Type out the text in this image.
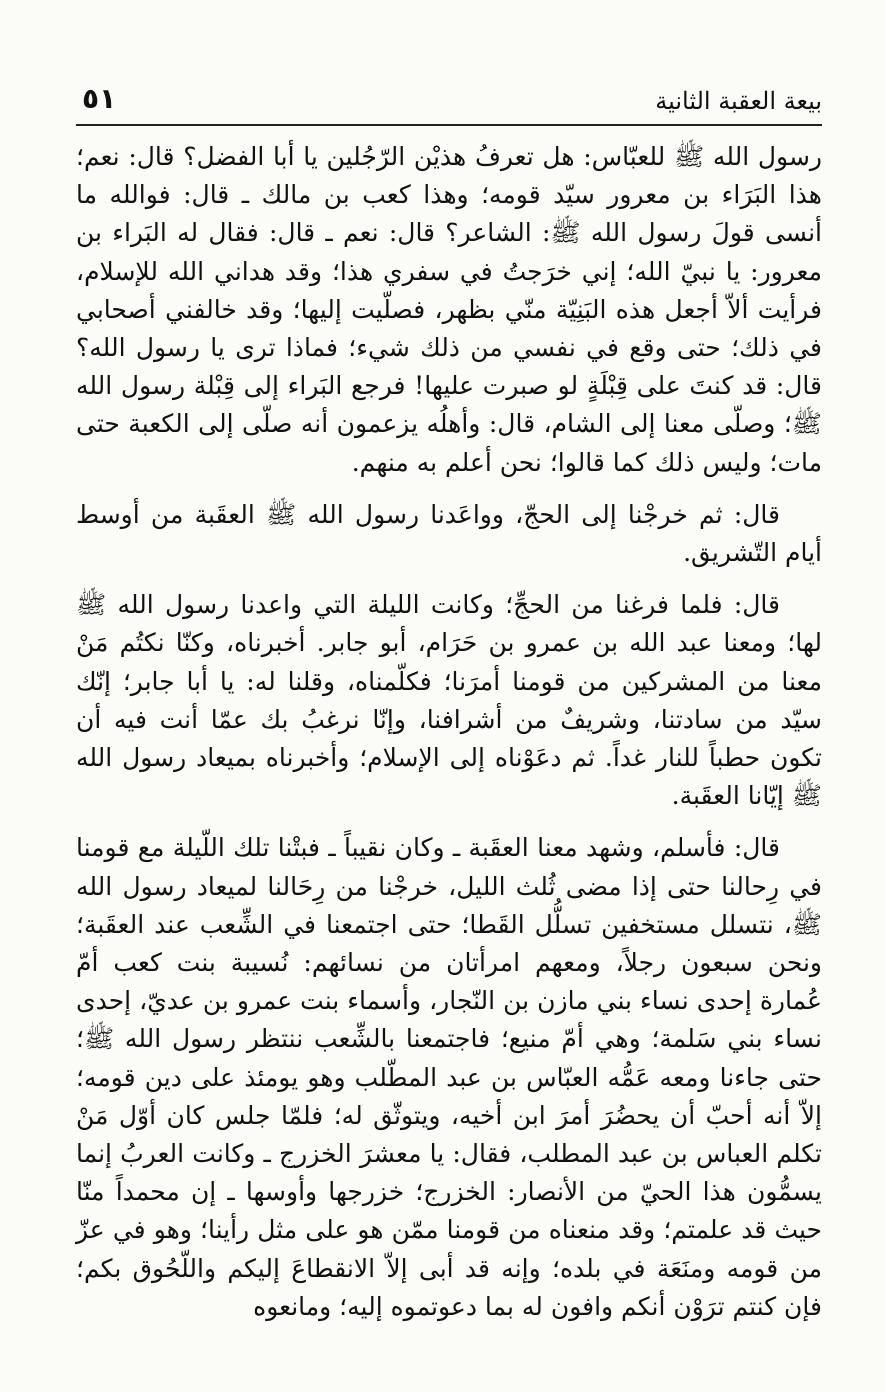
بيعة العقبة الثانية
٥١

رسول الله ﷺ للعبّاس: هل تعرفُ هذيْن الرّجُلين يا أبا الفضل؟ قال: نعم؛ هذا البَرَاء بن معرور سيّد قومه؛ وهذا كعب بن مالك ـ قال: فوالله ما أنسى قولَ رسول الله ﷺ: الشاعر؟ قال: نعم ـ قال: فقال له البَراء بن معرور: يا نبيّ الله؛ إني خرَجتُ في سفري هذا؛ وقد هداني الله للإسلام، فرأيت ألاّ أجعل هذه البَنِيّة منّي بظهر، فصلّيت إليها؛ وقد خالفني أصحابي في ذلك؛ حتى وقع في نفسي من ذلك شيء؛ فماذا ترى يا رسول الله؟ قال: قد كنتَ على قِبْلَةٍ لو صبرت عليها! فرجع البَراء إلى قِبْلة رسول الله ﷺ؛ وصلّى معنا إلى الشام، قال: وأهلُه يزعمون أنه صلّى إلى الكعبة حتى مات؛ وليس ذلك كما قالوا؛ نحن أعلم به منهم.

قال: ثم خرجْنا إلى الحجّ، وواعَدنا رسول الله ﷺ العقَبة من أوسط أيام التّشريق.

قال: فلما فرغنا من الحجِّ؛ وكانت الليلة التي واعدنا رسول الله ﷺ لها؛ ومعنا عبد الله بن عمرو بن حَرَام، أبو جابر. أخبرناه، وكنّا نكتُم مَنْ معنا من المشركين من قومنا أمرَنا؛ فكلّمناه، وقلنا له: يا أبا جابر؛ إنّك سيّد من سادتنا، وشريفٌ من أشرافنا، وإنّا نرغبُ بك عمّا أنت فيه أن تكون حطباً للنار غداً. ثم دعَوْناه إلى الإسلام؛ وأخبرناه بميعاد رسول الله ﷺ إيّانا العقَبة.

قال: فأسلم، وشهد معنا العقَبة ـ وكان نقيباً ـ فبتْنا تلك اللّيلة مع قومنا في رِحالنا حتى إذا مضى ثُلث الليل، خرجْنا من رِحَالنا لميعاد رسول الله ﷺ، نتسلل مستخفين تسلُّل القَطا؛ حتى اجتمعنا في الشِّعب عند العقَبة؛ ونحن سبعون رجلاً، ومعهم امرأتان من نسائهم: نُسيبة بنت كعب أمّ عُمارة إحدى نساء بني مازن بن النّجار، وأسماء بنت عمرو بن عديّ، إحدى نساء بني سَلمة؛ وهي أمّ منيع؛ فاجتمعنا بالشِّعب ننتظر رسول الله ﷺ؛ حتى جاءنا ومعه عَمُّه العبّاس بن عبد المطّلب وهو يومئذ على دين قومه؛ إلاّ أنه أحبّ أن يحضُرَ أمرَ ابن أخيه، ويتوثّق له؛ فلمّا جلس كان أوّل مَنْ تكلم العباس بن عبد المطلب، فقال: يا معشرَ الخزرج ـ وكانت العربُ إنما يسمُّون هذا الحيّ من الأنصار: الخزرج؛ خزرجها وأوسها ـ إن محمداً منّا حيث قد علمتم؛ وقد منعناه من قومنا ممّن هو على مثل رأينا؛ وهو في عزّ من قومه ومنَعَة في بلده؛ وإنه قد أبى إلاّ الانقطاعَ إليكم واللّحُوق بكم؛ فإن كنتم ترَوْن أنكم وافون له بما دعوتموه إليه؛ ومانعوه
